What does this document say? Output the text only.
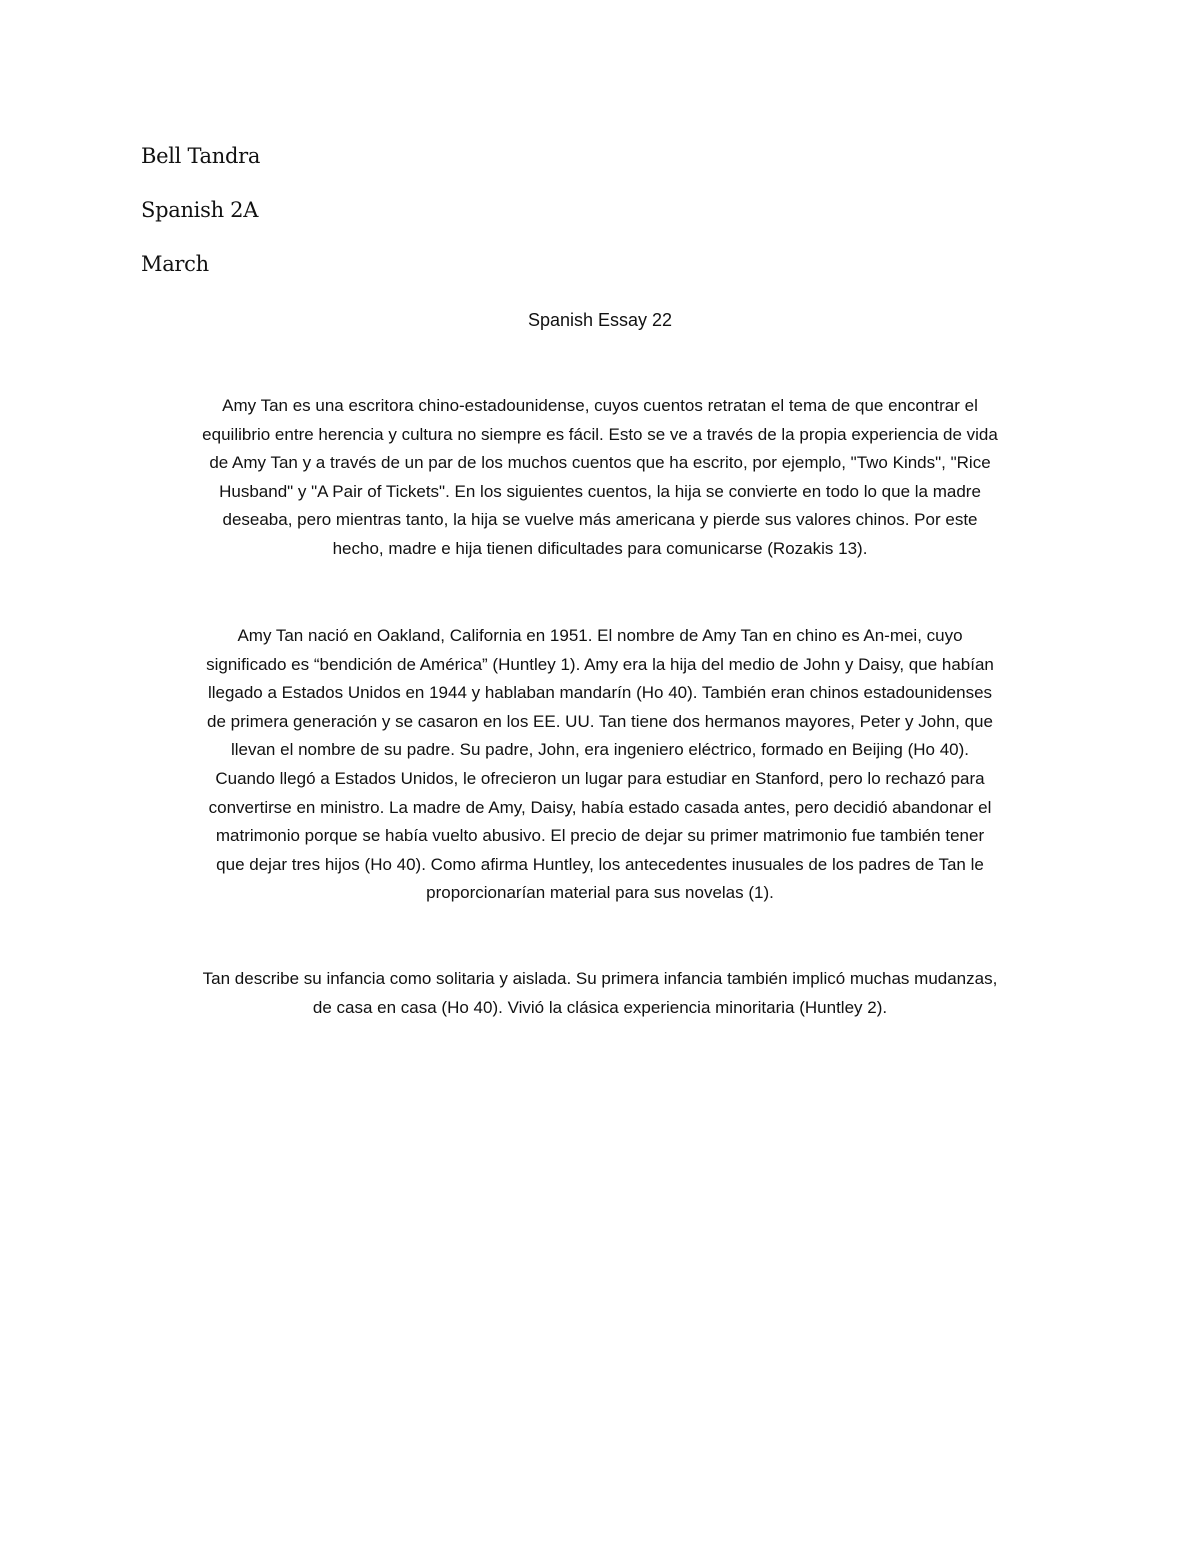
Bell Tandra
Spanish 2A
March
Spanish Essay 22

Amy Tan es una escritora chino-estadounidense, cuyos cuentos retratan el tema de que encontrar el
equilibrio entre herencia y cultura no siempre es fácil. Esto se ve a través de la propia experiencia de vida
de Amy Tan y a través de un par de los muchos cuentos que ha escrito, por ejemplo, "Two Kinds", "Rice
Husband" y "A Pair of Tickets". En los siguientes cuentos, la hija se convierte en todo lo que la madre
deseaba, pero mientras tanto, la hija se vuelve más americana y pierde sus valores chinos. Por este
hecho, madre e hija tienen dificultades para comunicarse (Rozakis 13).

Amy Tan nació en Oakland, California en 1951. El nombre de Amy Tan en chino es An-mei, cuyo
significado es “bendición de América” (Huntley 1). Amy era la hija del medio de John y Daisy, que habían
llegado a Estados Unidos en 1944 y hablaban mandarín (Ho 40). También eran chinos estadounidenses
de primera generación y se casaron en los EE. UU. Tan tiene dos hermanos mayores, Peter y John, que
llevan el nombre de su padre. Su padre, John, era ingeniero eléctrico, formado en Beijing (Ho 40).
Cuando llegó a Estados Unidos, le ofrecieron un lugar para estudiar en Stanford, pero lo rechazó para
convertirse en ministro. La madre de Amy, Daisy, había estado casada antes, pero decidió abandonar el
matrimonio porque se había vuelto abusivo. El precio de dejar su primer matrimonio fue también tener
que dejar tres hijos (Ho 40). Como afirma Huntley, los antecedentes inusuales de los padres de Tan le
proporcionarían material para sus novelas (1).

Tan describe su infancia como solitaria y aislada. Su primera infancia también implicó muchas mudanzas,
de casa en casa (Ho 40). Vivió la clásica experiencia minoritaria (Huntley 2).
